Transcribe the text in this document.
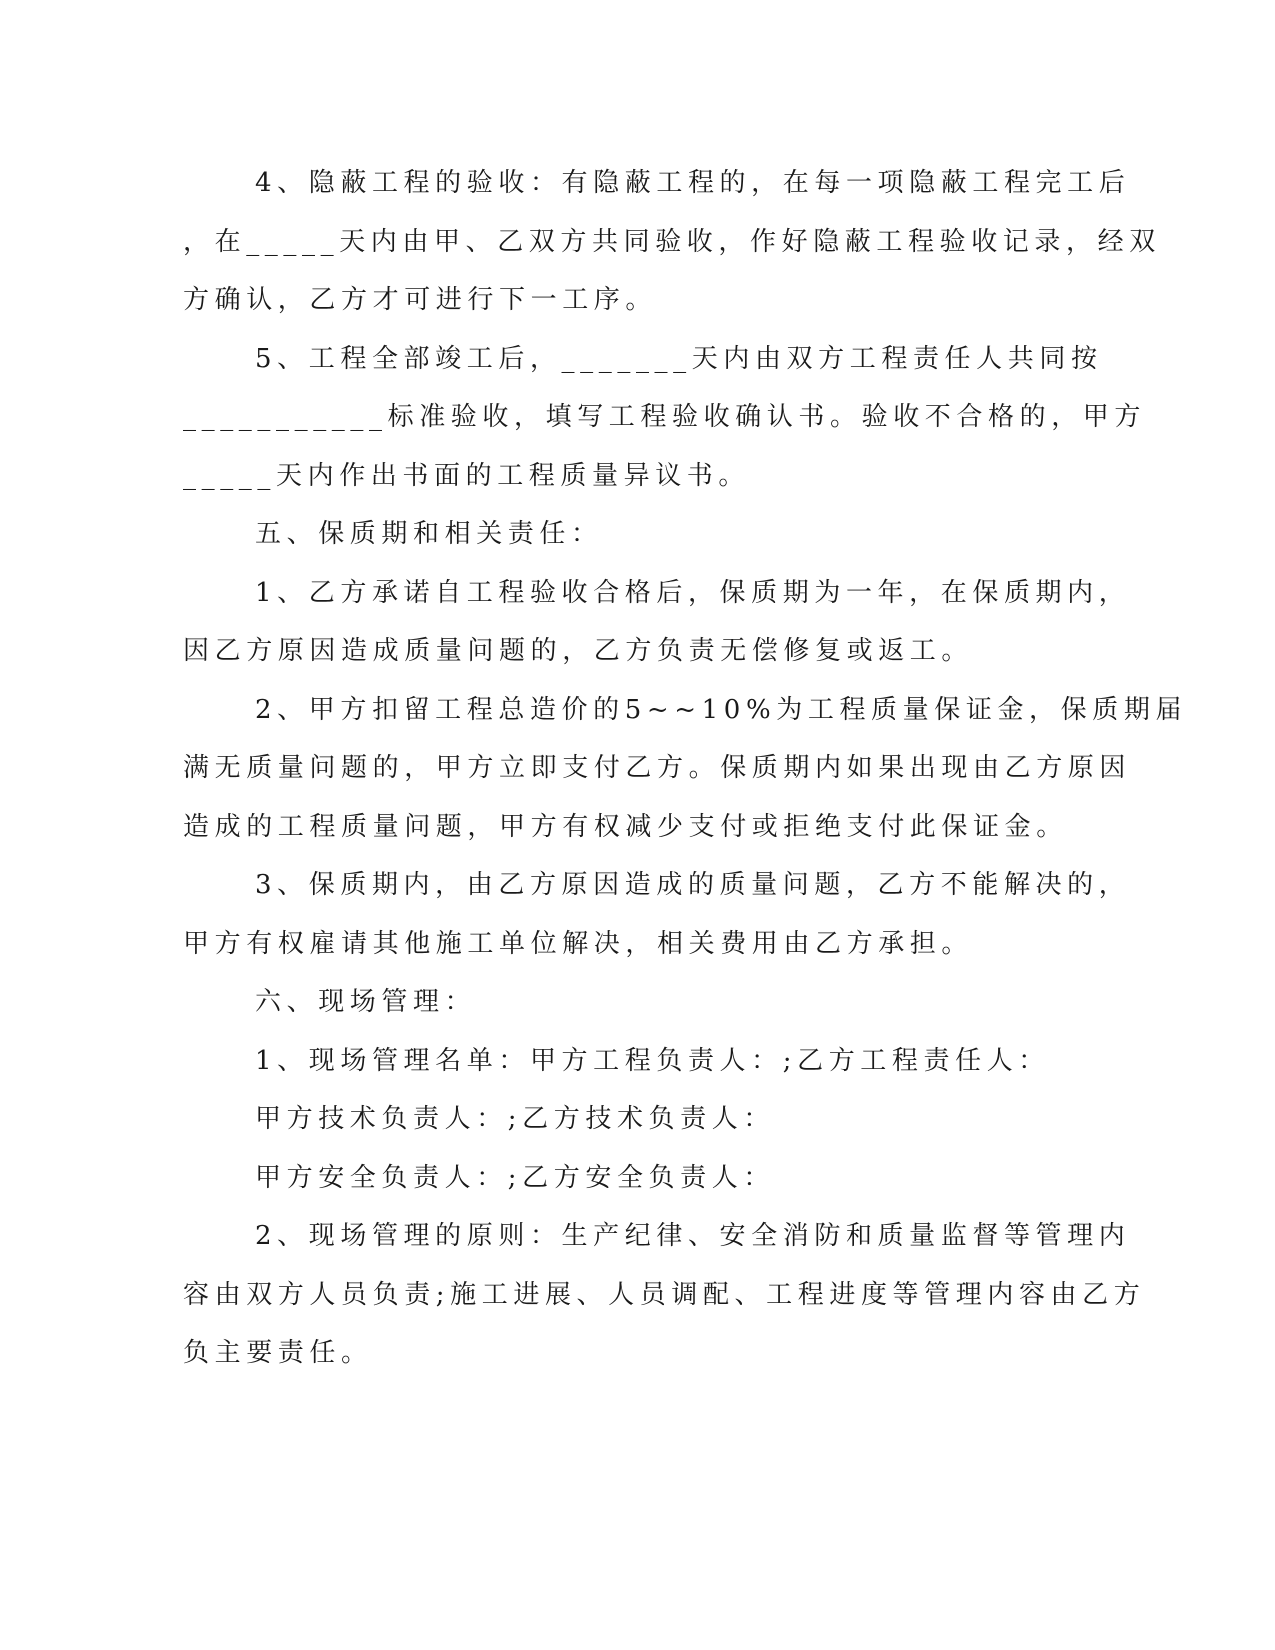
4、隐蔽工程的验收：有隐蔽工程的，在每一项隐蔽工程完工后
，在_____天内由甲、乙双方共同验收，作好隐蔽工程验收记录，经双
方确认，乙方才可进行下一工序。
5、工程全部竣工后，_______天内由双方工程责任人共同按
___________标准验收，填写工程验收确认书。验收不合格的，甲方
_____天内作出书面的工程质量异议书。
五、保质期和相关责任：
1、乙方承诺自工程验收合格后，保质期为一年，在保质期内，
因乙方原因造成质量问题的，乙方负责无偿修复或返工。
2、甲方扣留工程总造价的5~~10%为工程质量保证金，保质期届
满无质量问题的，甲方立即支付乙方。保质期内如果出现由乙方原因
造成的工程质量问题，甲方有权减少支付或拒绝支付此保证金。
3、保质期内，由乙方原因造成的质量问题，乙方不能解决的，
甲方有权雇请其他施工单位解决，相关费用由乙方承担。
六、现场管理：
1、现场管理名单：甲方工程负责人：;乙方工程责任人：
甲方技术负责人：;乙方技术负责人：
甲方安全负责人：;乙方安全负责人：
2、现场管理的原则：生产纪律、安全消防和质量监督等管理内
容由双方人员负责;施工进展、人员调配、工程进度等管理内容由乙方
负主要责任。
